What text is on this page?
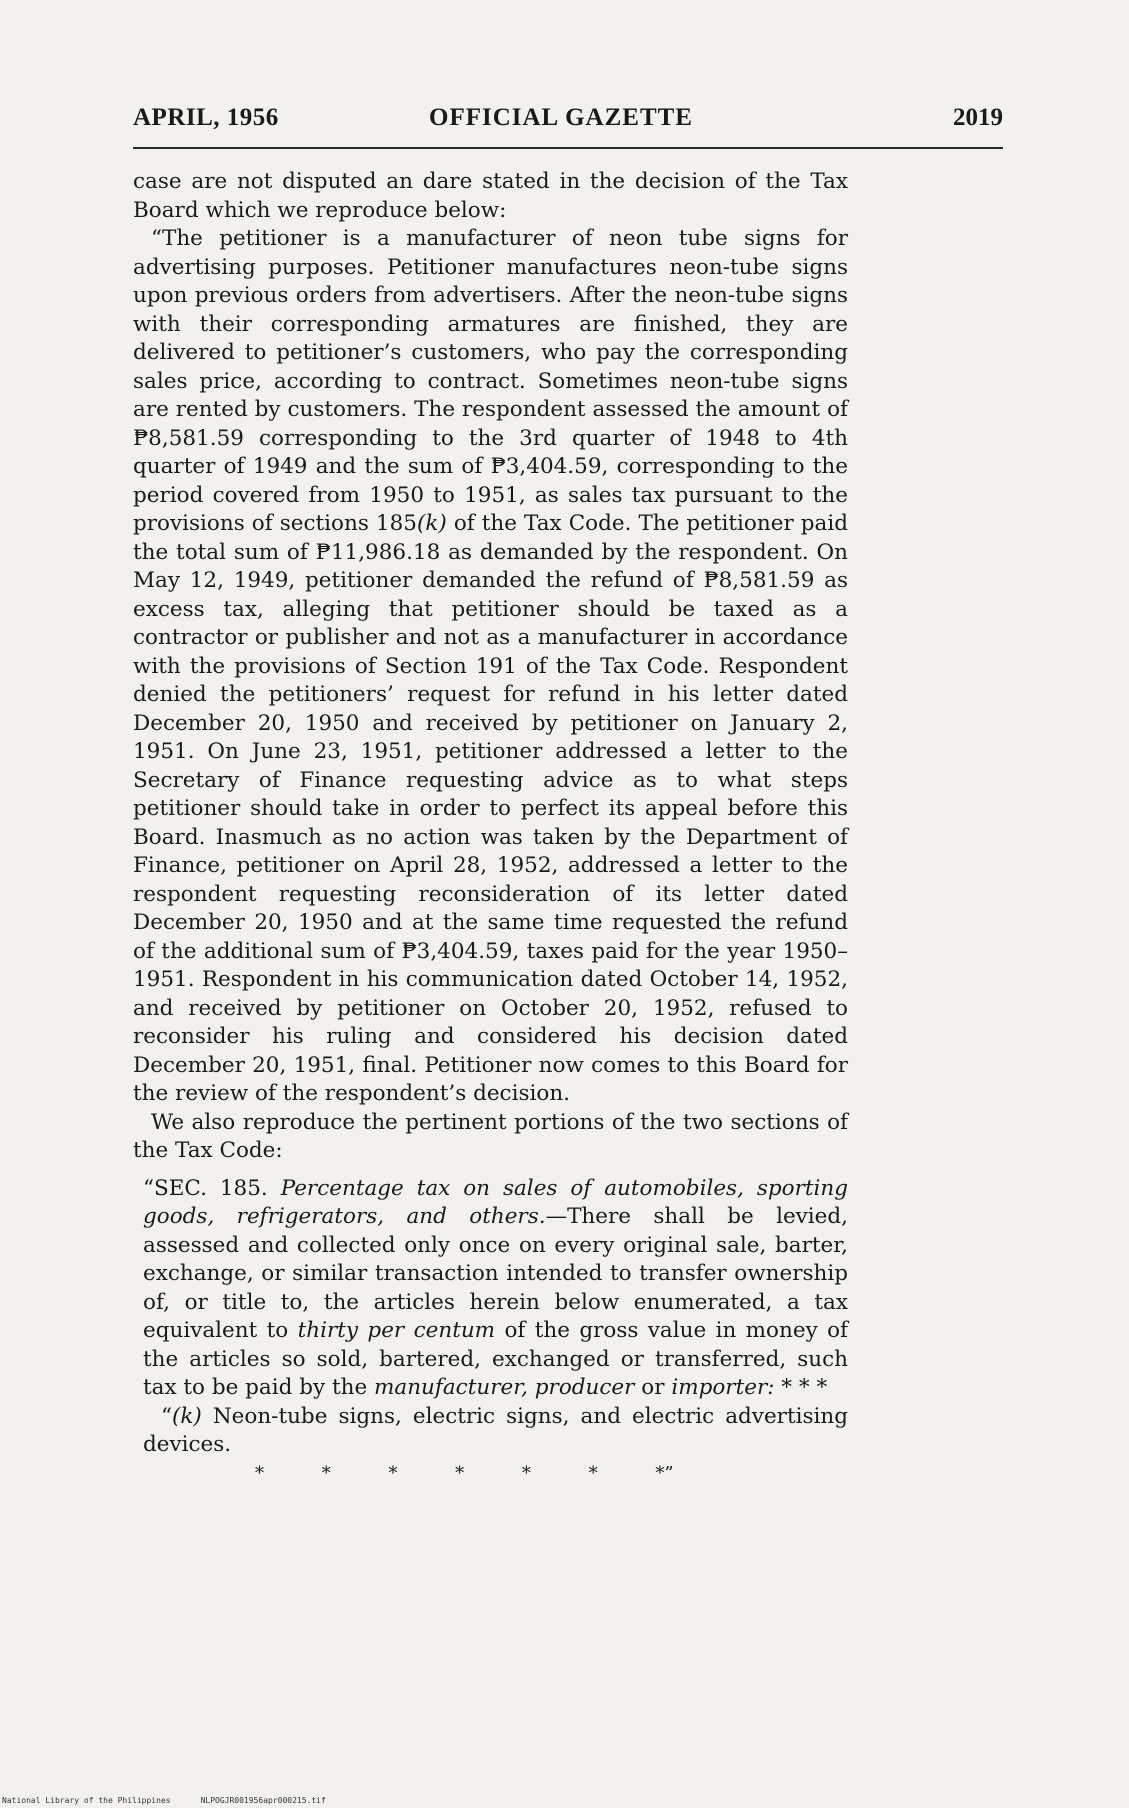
APRIL, 1956	OFFICIAL GAZETTE	2019

case are not disputed an dare stated in the decision of the Tax Board which we reproduce below:

“The petitioner is a manufacturer of neon tube signs for advertising purposes. Petitioner manufactures neon-tube signs upon previous orders from advertisers. After the neon-tube signs with their corresponding armatures are finished, they are delivered to petitioner’s customers, who pay the corresponding sales price, according to contract. Sometimes neon-tube signs are rented by customers. The respondent assessed the amount of ₱8,581.59 corresponding to the 3rd quarter of 1948 to 4th quarter of 1949 and the sum of ₱3,404.59, corresponding to the period covered from 1950 to 1951, as sales tax pursuant to the provisions of sections 185(k) of the Tax Code. The petitioner paid the total sum of ₱11,986.18 as demanded by the respondent. On May 12, 1949, petitioner demanded the refund of ₱8,581.59 as excess tax, alleging that petitioner should be taxed as a contractor or publisher and not as a manufacturer in accordance with the provisions of Section 191 of the Tax Code. Respondent denied the petitioners’ request for refund in his letter dated December 20, 1950 and received by petitioner on January 2, 1951. On June 23, 1951, petitioner addressed a letter to the Secretary of Finance requesting advice as to what steps petitioner should take in order to perfect its appeal before this Board. Inasmuch as no action was taken by the Department of Finance, petitioner on April 28, 1952, addressed a letter to the respondent requesting reconsideration of its letter dated December 20, 1950 and at the same time requested the refund of the additional sum of ₱3,404.59, taxes paid for the year 1950–1951. Respondent in his communication dated October 14, 1952, and received by petitioner on October 20, 1952, refused to reconsider his ruling and considered his decision dated December 20, 1951, final. Petitioner now comes to this Board for the review of the respondent’s decision.

We also reproduce the pertinent portions of the two sections of the Tax Code:

“SEC. 185. Percentage tax on sales of automobiles, sporting goods, refrigerators, and others.—There shall be levied, assessed and collected only once on every original sale, barter, exchange, or similar transaction intended to transfer ownership of, or title to, the articles herein below enumerated, a tax equivalent to thirty per centum of the gross value in money of the articles so sold, bartered, exchanged or transferred, such tax to be paid by the manufacturer, producer or importer: * * *

“(k) Neon-tube signs, electric signs, and electric advertising devices.

* * * * * * *”

National Library of the Philippines	NLPOGJR001956apr000215.tif
